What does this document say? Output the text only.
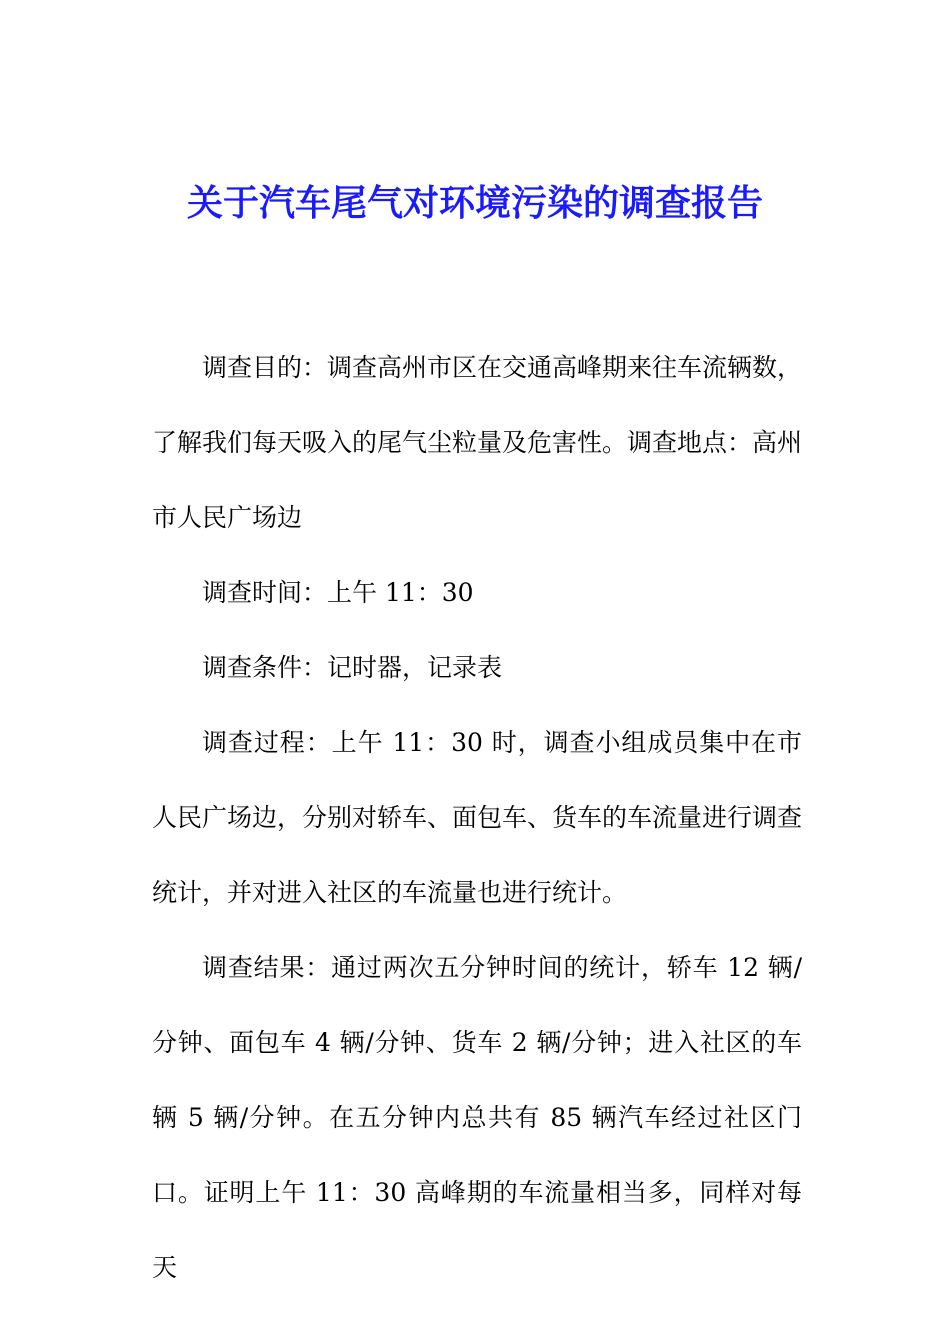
关于汽车尾气对环境污染的调查报告

调查目的：调查高州市区在交通高峰期来往车流辆数，了解我们每天吸入的尾气尘粒量及危害性。调查地点：高州市人民广场边

调查时间：上午 11：30

调查条件：记时器，记录表

调查过程：上午 11：30 时，调查小组成员集中在市人民广场边，分别对轿车、面包车、货车的车流量进行调查统计，并对进入社区的车流量也进行统计。

调查结果：通过两次五分钟时间的统计，轿车 12 辆/分钟、面包车 4 辆/分钟、货车 2 辆/分钟；进入社区的车辆 5 辆/分钟。在五分钟内总共有 85 辆汽车经过社区门口。证明上午 11：30 高峰期的车流量相当多，同样对每天
